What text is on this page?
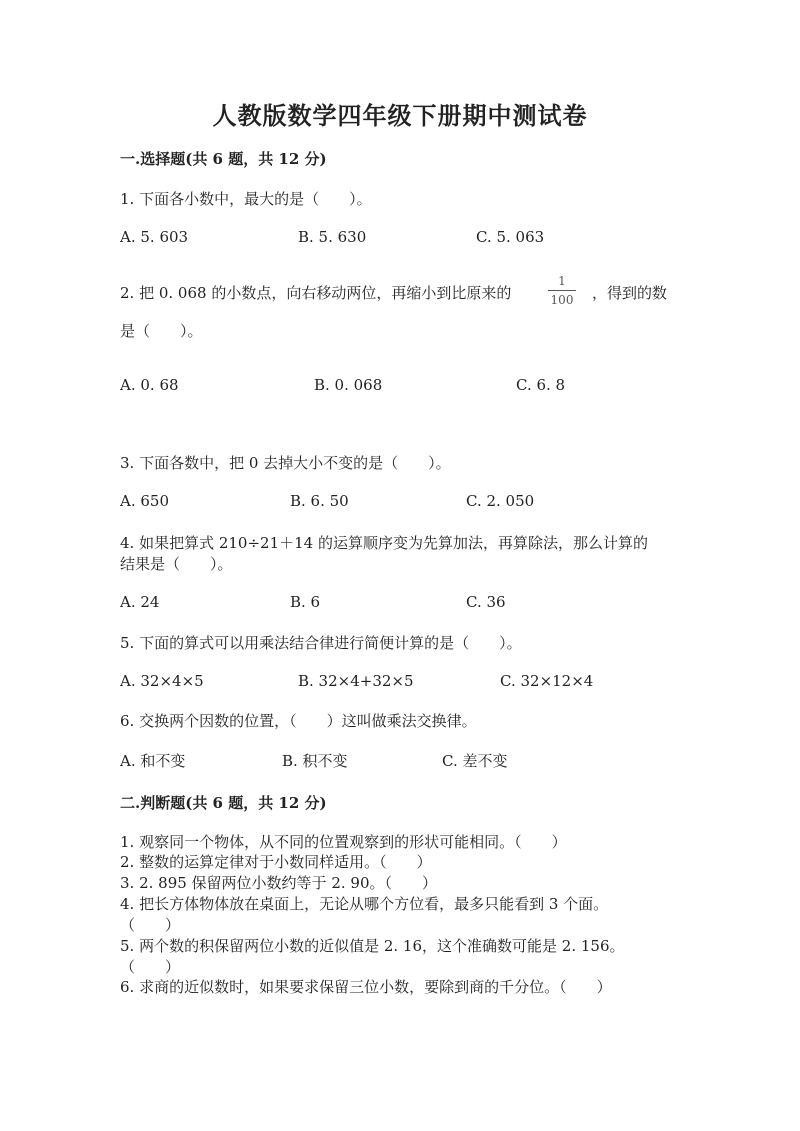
人教版数学四年级下册期中测试卷
一.选择题(共 6 题，共 12 分)
1. 下面各小数中，最大的是（　　）。
A. 5. 603	B. 5. 630	C. 5. 063
2. 把 0. 068 的小数点，向右移动两位，再缩小到比原来的
1
100 ，得到的数
是（　　）。
A. 0. 68	B. 0. 068	C. 6. 8
3. 下面各数中，把 0 去掉大小不变的是（　　）。
A. 650	B. 6. 50	C. 2. 050
4. 如果把算式 210÷21＋14 的运算顺序变为先算加法，再算除法，那么计算的
结果是（　　）。
A. 24	B. 6	C. 36
5. 下面的算式可以用乘法结合律进行简便计算的是（　　）。
A. 32×4×5	B. 32×4+32×5	C. 32×12×4
6. 交换两个因数的位置，（　　）这叫做乘法交换律。
A. 和不变	B. 积不变	C. 差不变
二.判断题(共 6 题，共 12 分)
1. 观察同一个物体，从不同的位置观察到的形状可能相同。（　　）
2. 整数的运算定律对于小数同样适用。（　　）
3. 2. 895 保留两位小数约等于 2. 90。（　　）
4. 把长方体物体放在桌面上，无论从哪个方位看，最多只能看到 3 个面。
（　　）
5. 两个数的积保留两位小数的近似值是 2. 16，这个准确数可能是 2. 156。
（　　）
6. 求商的近似数时，如果要求保留三位小数，要除到商的千分位。（　　）
